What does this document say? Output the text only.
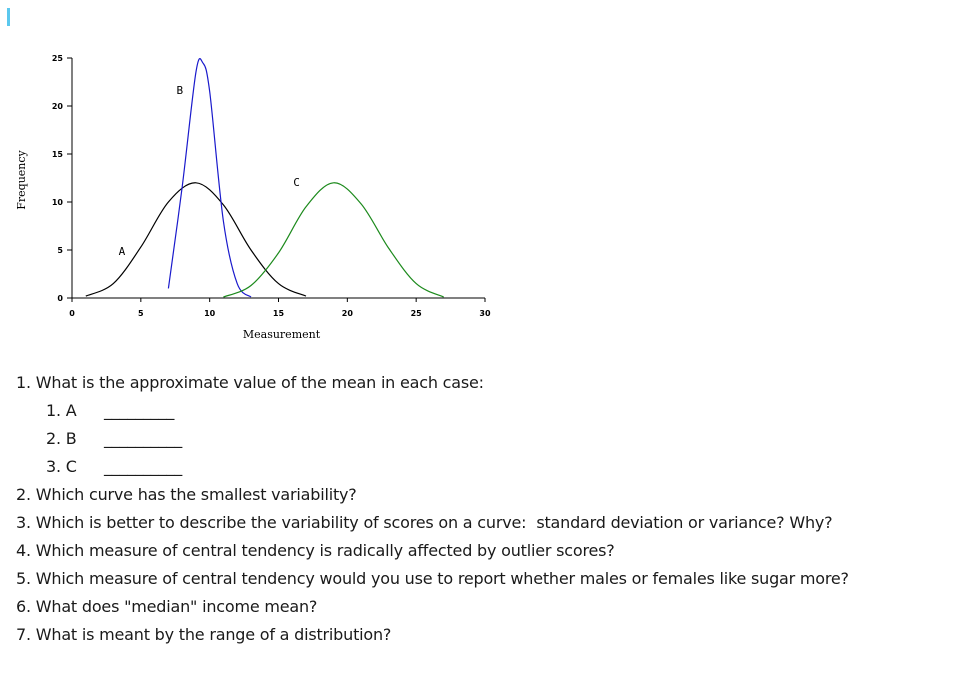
0	5	10	15	20	25	30
0
5
10
15
20
25
Measurement
Frequency
A
B
C
1. What is the approximate value of the mean in each case:
1. A _________
2. B __________
3. C __________
2. Which curve has the smallest variability?
3. Which is better to describe the variability of scores on a curve: standard deviation or variance? Why?
4. Which measure of central tendency is radically affected by outlier scores?
5. Which measure of central tendency would you use to report whether males or females like sugar more?
6. What does "median" income mean?
7. What is meant by the range of a distribution?
